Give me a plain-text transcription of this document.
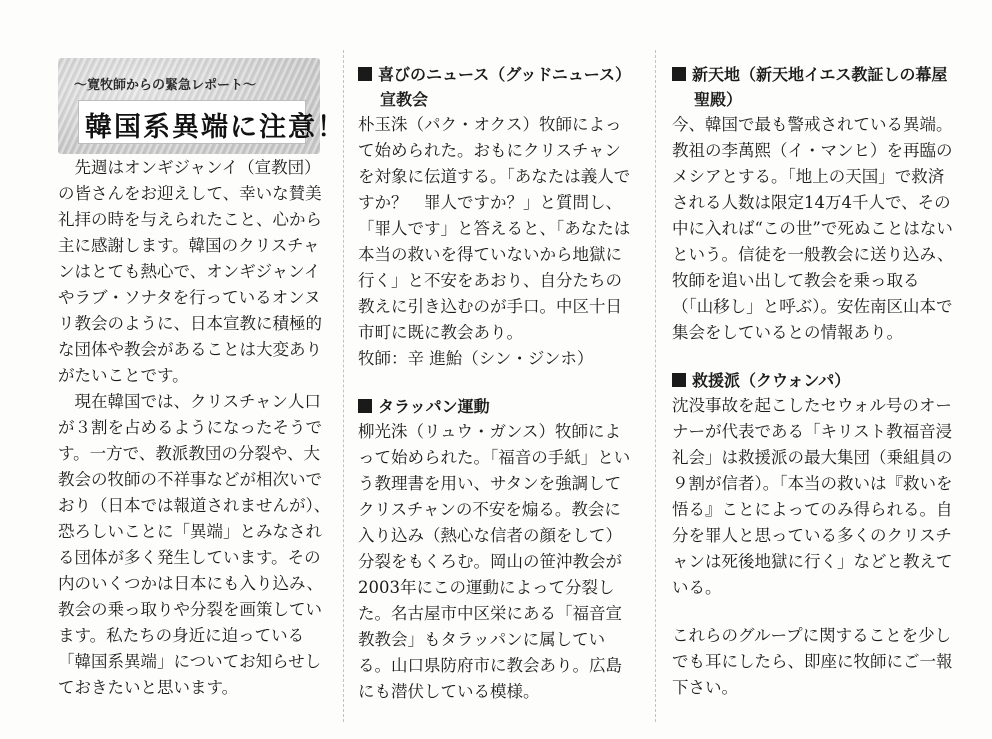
～寛牧師からの緊急レポート～
韓国系異端に注意！

先週はオンギジャンイ（宣教団）の皆さんをお迎えして、幸いな賛美礼拝の時を与えられたこと、心から主に感謝します。韓国のクリスチャンはとても熱心で、オンギジャンイやラブ・ソナタを行っているオンヌリ教会のように、日本宣教に積極的な団体や教会があることは大変ありがたいことです。

現在韓国では、クリスチャン人口が３割を占めるようになったそうです。一方で、教派教団の分裂や、大教会の牧師の不祥事などが相次いでおり（日本では報道されませんが）、恐ろしいことに「異端」とみなされる団体が多く発生しています。その内のいくつかは日本にも入り込み、教会の乗っ取りや分裂を画策しています。私たちの身近に迫っている「韓国系異端」についてお知らせしておきたいと思います。

喜びのニュース（グッドニュース）宣教会

朴玉洙（パク・オクス）牧師によって始められた。おもにクリスチャンを対象に伝道する。「あなたは義人ですか？　罪人ですか？」と質問し、「罪人です」と答えると、「あなたは本当の救いを得ていないから地獄に行く」と不安をあおり、自分たちの教えに引き込むのが手口。中区十日市町に既に教会あり。

牧師：辛 進鮐（シン・ジンホ）

タラッパン運動

柳光洙（リュウ・ガンス）牧師によって始められた。「福音の手紙」という教理書を用い、サタンを強調してクリスチャンの不安を煽る。教会に入り込み（熱心な信者の顔をして）分裂をもくろむ。岡山の笹沖教会が2003年にこの運動によって分裂した。名古屋市中区栄にある「福音宣教教会」もタラッパンに属している。山口県防府市に教会あり。広島にも潜伏している模様。

新天地（新天地イエス教証しの幕屋聖殿）

今、韓国で最も警戒されている異端。教祖の李萬熙（イ・マンヒ）を再臨のメシアとする。「地上の天国」で救済される人数は限定14万4千人で、その中に入れば“この世”で死ぬことはないという。信徒を一般教会に送り込み、牧師を追い出して教会を乗っ取る（「山移し」と呼ぶ）。安佐南区山本で集会をしているとの情報あり。

救援派（クウォンパ）

沈没事故を起こしたセウォル号のオーナーが代表である「キリスト教福音浸礼会」は救援派の最大集団（乗組員の９割が信者）。「本当の救いは『救いを悟る』ことによってのみ得られる。自分を罪人と思っている多くのクリスチャンは死後地獄に行く」などと教えている。

これらのグループに関することを少しでも耳にしたら、即座に牧師にご一報下さい。
